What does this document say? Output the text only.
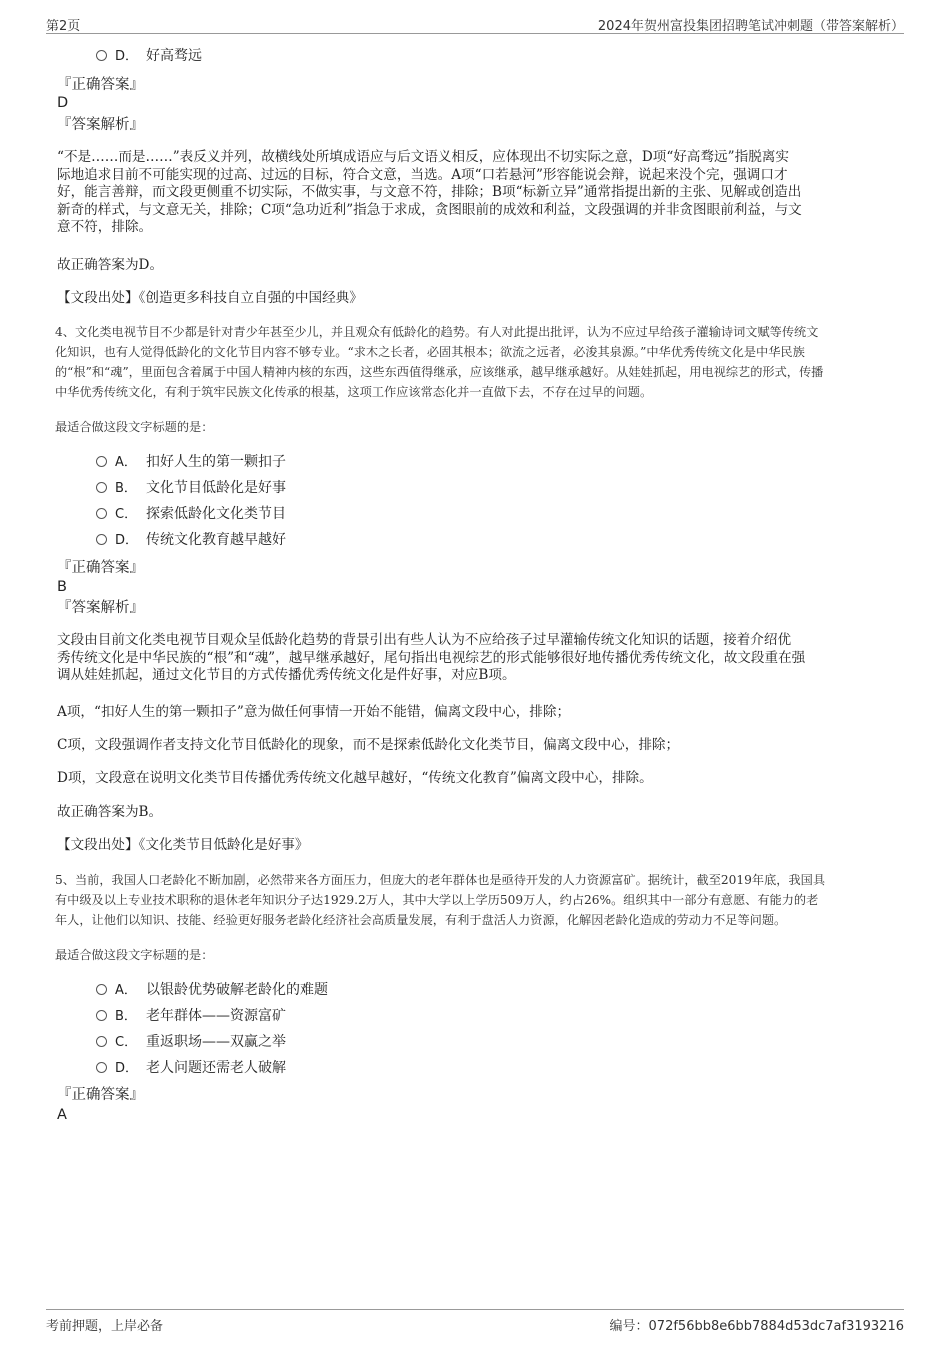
第2页	2024年贺州富投集团招聘笔试冲刺题（带答案解析）
D． 好高骛远
『正确答案』
D
『答案解析』
“不是……而是……”表反义并列，故横线处所填成语应与后文语义相反，应体现出不切实际之意，D项“好高骛远”指脱离实
际地追求目前不可能实现的过高、过远的目标，符合文意，当选。A项“口若悬河”形容能说会辩，说起来没个完，强调口才
好，能言善辩，而文段更侧重不切实际，不做实事，与文意不符，排除；B项“标新立异”通常指提出新的主张、见解或创造出
新奇的样式，与文意无关，排除；C项“急功近利”指急于求成，贪图眼前的成效和利益，文段强调的并非贪图眼前利益，与文
意不符，排除。
故正确答案为D。
【文段出处】《创造更多科技自立自强的中国经典》
4、文化类电视节目不少都是针对青少年甚至少儿，并且观众有低龄化的趋势。有人对此提出批评，认为不应过早给孩子灌输诗词文赋等传统文
化知识，也有人觉得低龄化的文化节目内容不够专业。“求木之长者，必固其根本；欲流之远者，必浚其泉源。”中华优秀传统文化是中华民族
的“根”和“魂”，里面包含着属于中国人精神内核的东西，这些东西值得继承，应该继承，越早继承越好。从娃娃抓起，用电视综艺的形式，传播
中华优秀传统文化，有利于筑牢民族文化传承的根基，这项工作应该常态化并一直做下去，不存在过早的问题。
最适合做这段文字标题的是：
A． 扣好人生的第一颗扣子
B． 文化节目低龄化是好事
C． 探索低龄化文化类节目
D． 传统文化教育越早越好
『正确答案』
B
『答案解析』
文段由目前文化类电视节目观众呈低龄化趋势的背景引出有些人认为不应给孩子过早灌输传统文化知识的话题，接着介绍优
秀传统文化是中华民族的“根”和“魂”，越早继承越好，尾句指出电视综艺的形式能够很好地传播优秀传统文化，故文段重在强
调从娃娃抓起，通过文化节目的方式传播优秀传统文化是件好事，对应B项。
A项，“扣好人生的第一颗扣子”意为做任何事情一开始不能错，偏离文段中心，排除；
C项，文段强调作者支持文化节目低龄化的现象，而不是探索低龄化文化类节目，偏离文段中心，排除；
D项，文段意在说明文化类节目传播优秀传统文化越早越好，“传统文化教育”偏离文段中心，排除。
故正确答案为B。
【文段出处】《文化类节目低龄化是好事》
5、当前，我国人口老龄化不断加剧，必然带来各方面压力，但庞大的老年群体也是亟待开发的人力资源富矿。据统计，截至2019年底，我国具
有中级及以上专业技术职称的退休老年知识分子达1929.2万人，其中大学以上学历509万人，约占26%。组织其中一部分有意愿、有能力的老
年人，让他们以知识、技能、经验更好服务老龄化经济社会高质量发展，有利于盘活人力资源，化解因老龄化造成的劳动力不足等问题。
最适合做这段文字标题的是：
A． 以银龄优势破解老龄化的难题
B． 老年群体——资源富矿
C． 重返职场——双赢之举
D． 老人问题还需老人破解
『正确答案』
A
考前押题，上岸必备	编号：072f56bb8e6bb7884d53dc7af3193216
